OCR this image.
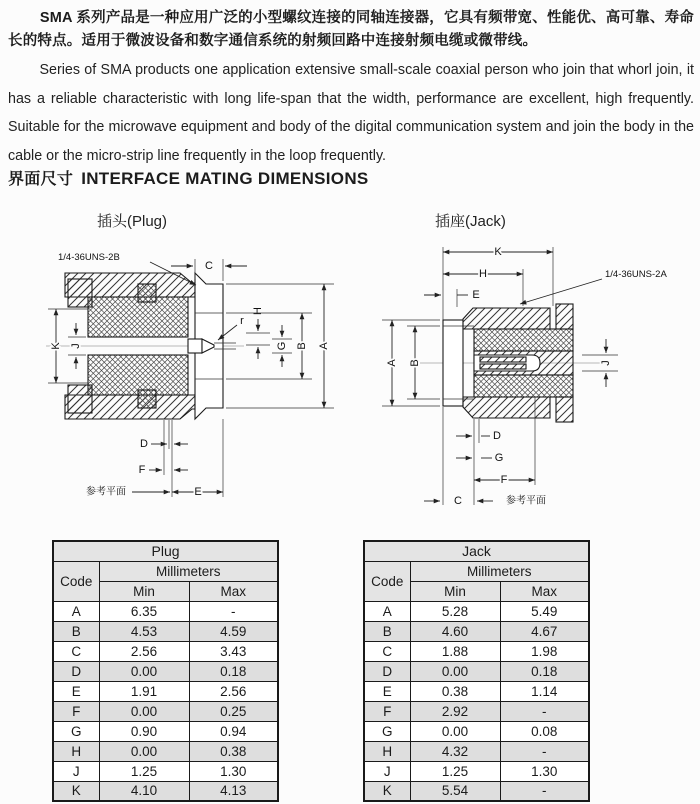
SMA 系列产品是一种应用广泛的小型螺纹连接的同轴连接器，它具有频带宽、性能优、高可靠、寿命长的特点。适用于微波设备和数字通信系统的射频回路中连接射频电缆或微带线。

Series of SMA products one application extensive small-scale coaxial person who join that whorl join, it has a reliable characteristic with long life-span that the width, performance are excellent, high frequently. Suitable for the microwave equipment and body of the digital communication system and join the body in the cable or the micro-strip line frequently in the loop frequently.

界面尺寸 INTERFACE MATING DIMENSIONS
插头(Plug)	插座(Jack)
1/4-36UNS-2B
C
r
H
G B A
K J
D
F
参考平面	E
K
H
E
1/4-36UNS-2A
A B	J
D
G
F
C	参考平面
Plug		
Code	Millimeters	
	Min	Max
A	6.35	-
B	4.53	4.59
C	2.56	3.43
D	0.00	0.18
E	1.91	2.56
F	0.00	0.25
G	0.90	0.94
H	0.00	0.38
J	1.25	1.30
K	4.10	4.13
Jack		
Code	Millimeters	
	Min	Max
A	5.28	5.49
B	4.60	4.67
C	1.88	1.98
D	0.00	0.18
E	0.38	1.14
F	2.92	-
G	0.00	0.08
H	4.32	-
J	1.25	1.30
K	5.54	-
